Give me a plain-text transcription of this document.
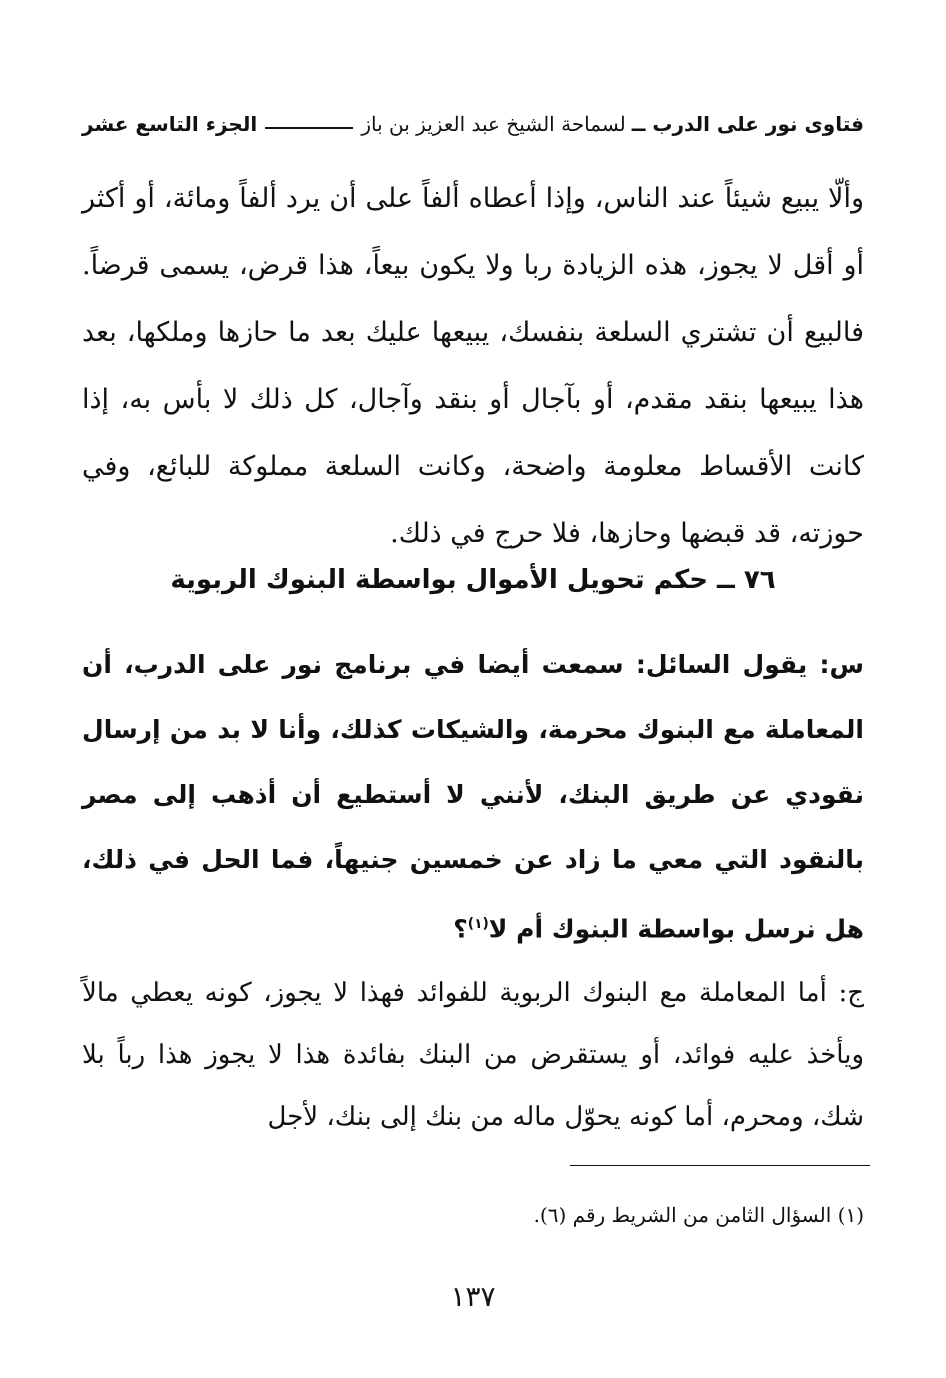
فتاوى نور على الدرب ــ
لسماحة الشيخ عبد العزيز بن باز
الجزء التاسع عشر
وألّا يبيع شيئاً عند الناس، وإذا أعطاه ألفاً على أن يرد ألفاً ومائة، أو أكثر أو أقل لا يجوز، هذه الزيادة ربا ولا يكون بيعاً، هذا قرض، يسمى قرضاً. فالبيع أن تشتري السلعة بنفسك، يبيعها عليك بعد ما حازها وملكها، بعد هذا يبيعها بنقد مقدم، أو بآجال أو بنقد وآجال، كل ذلك لا بأس به، إذا كانت الأقساط معلومة واضحة، وكانت السلعة مملوكة للبائع، وفي حوزته، قد قبضها وحازها، فلا حرج في ذلك.
٧٦ ــ حكم تحويل الأموال بواسطة البنوك الربوية
س: يقول السائل: سمعت أيضا في برنامج نور على الدرب، أن المعاملة مع البنوك محرمة، والشيكات كذلك، وأنا لا بد من إرسال نقودي عن طريق البنك، لأنني لا أستطيع أن أذهب إلى مصر بالنقود التي معي ما زاد عن خمسين جنيهاً، فما الحل في ذلك، هل نرسل بواسطة البنوك أم لا$^{(١)}$؟
ج: أما المعاملة مع البنوك الربوية للفوائد فهذا لا يجوز، كونه يعطي مالاً ويأخذ عليه فوائد، أو يستقرض من البنك بفائدة هذا لا يجوز هذا رباً بلا شك، ومحرم، أما كونه يحوّل ماله من بنك إلى بنك، لأجل
(١) السؤال الثامن من الشريط رقم (٦).
١٣٧
